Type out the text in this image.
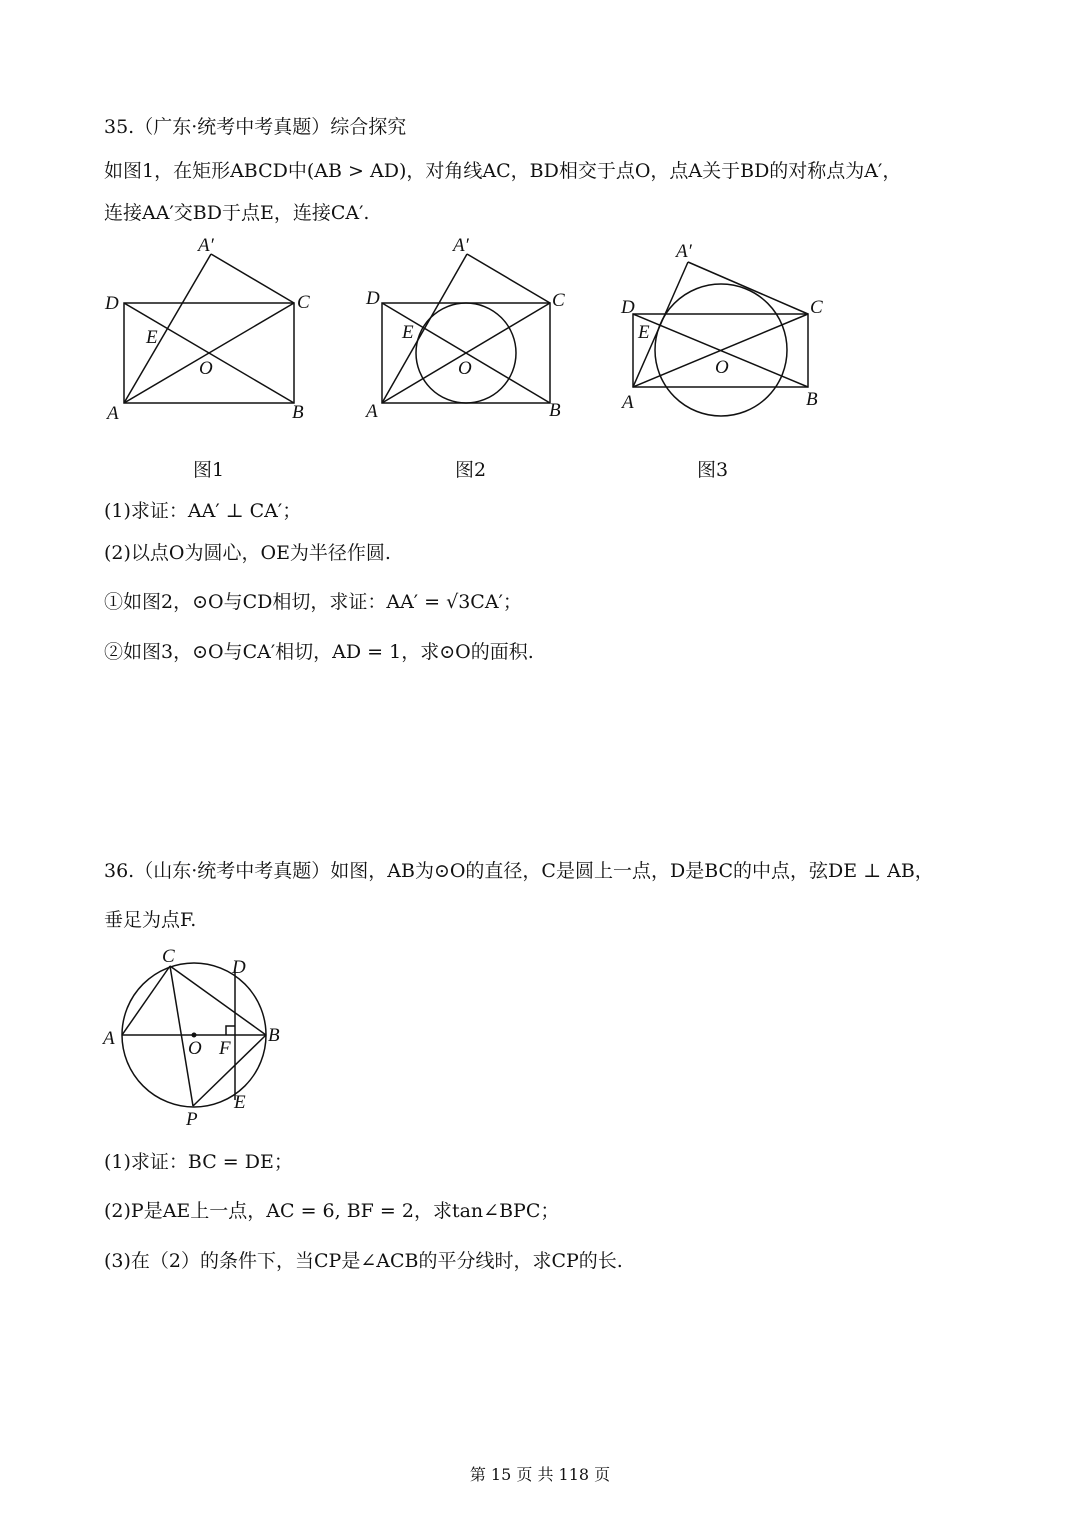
35.（广东·统考中考真题）综合探究
如图1，在矩形ABCD中(AB > AD)，对角线AC，BD相交于点O，点A关于BD的对称点为A′，
连接AA′交BD于点E，连接CA′.
A′
D	C
E
O
A	B
A′
D	C
E
O
A	B
A′
D	C
E
O
A	B
图1	图2	图3
(1)求证：AA′ ⊥ CA′；
(2)以点O为圆心，OE为半径作圆.
①如图2，⊙O与CD相切，求证：AA′ = √3CA′；
②如图3，⊙O与CA′相切，AD = 1，求⊙O的面积.
36.（山东·统考中考真题）如图，AB为⊙O的直径，C是圆上一点，D是BC的中点，弦DE ⊥ AB，
垂足为点F.
C
D
A	O F
B
P
E
(1)求证：BC = DE；
(2)P是AE上一点，AC = 6, BF = 2，求tan∠BPC；
(3)在（2）的条件下，当CP是∠ACB的平分线时，求CP的长.
第 15 页 共 118 页
